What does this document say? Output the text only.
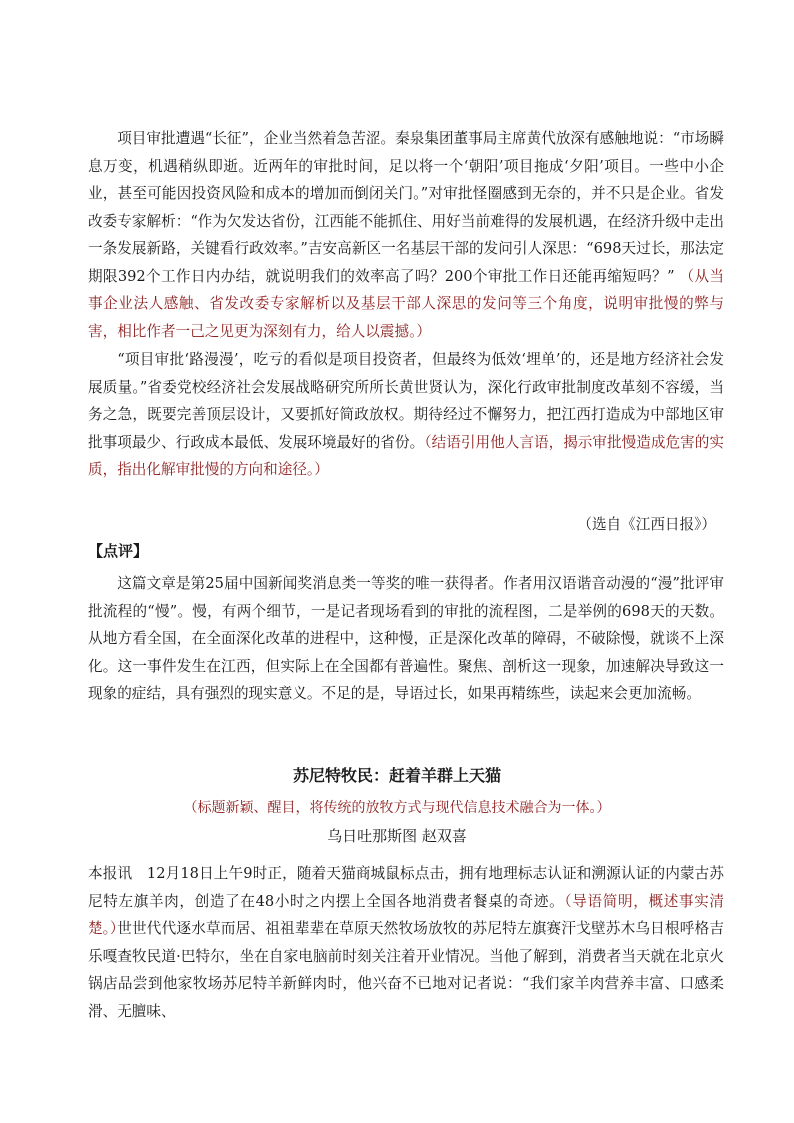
项目审批遭遇“长征”，企业当然着急苦涩。秦泉集团董事局主席黄代放深有感触地说：“市场瞬息万变，机遇稍纵即逝。近两年的审批时间，足以将一个‘朝阳’项目拖成‘夕阳’项目。一些中小企业，甚至可能因投资风险和成本的增加而倒闭关门。”对审批怪圈感到无奈的，并不只是企业。省发改委专家解析：“作为欠发达省份，江西能不能抓住、用好当前难得的发展机遇，在经济升级中走出一条发展新路，关键看行政效率。”吉安高新区一名基层干部的发问引人深思：“698天过长，那法定期限392个工作日内办结，就说明我们的效率高了吗？200个审批工作日还能再缩短吗？” （从当事企业法人感触、省发改委专家解析以及基层干部人深思的发问等三个角度，说明审批慢的弊与害，相比作者一己之见更为深刻有力，给人以震撼。）

“项目审批‘路漫漫’，吃亏的看似是项目投资者，但最终为低效‘埋单’的，还是地方经济社会发展质量。”省委党校经济社会发展战略研究所所长黄世贤认为，深化行政审批制度改革刻不容缓，当务之急，既要完善顶层设计，又要抓好简政放权。期待经过不懈努力，把江西打造成为中部地区审批事项最少、行政成本最低、发展环境最好的省份。（结语引用他人言语，揭示审批慢造成危害的实质，指出化解审批慢的方向和途径。）

（选自《江西日报》）

【点评】

这篇文章是第25届中国新闻奖消息类一等奖的唯一获得者。作者用汉语谐音动漫的“漫”批评审批流程的“慢”。慢，有两个细节，一是记者现场看到的审批的流程图，二是举例的698天的天数。从地方看全国，在全面深化改革的进程中，这种慢，正是深化改革的障碍，不破除慢，就谈不上深化。这一事件发生在江西，但实际上在全国都有普遍性。聚焦、剖析这一现象，加速解决导致这一现象的症结，具有强烈的现实意义。不足的是，导语过长，如果再精练些，读起来会更加流畅。

苏尼特牧民：赶着羊群上天猫

（标题新颖、醒目，将传统的放牧方式与现代信息技术融合为一体。）

乌日吐那斯图 赵双喜

本报讯　12月18日上午9时正，随着天猫商城鼠标点击，拥有地理标志认证和溯源认证的内蒙古苏尼特左旗羊肉，创造了在48小时之内摆上全国各地消费者餐桌的奇迹。（导语简明，概述事实清楚。）

世世代代逐水草而居、祖祖辈辈在草原天然牧场放牧的苏尼特左旗赛汗戈壁苏木乌日根呼格吉乐嘎查牧民道·巴特尔，坐在自家电脑前时刻关注着开业情况。当他了解到，消费者当天就在北京火锅店品尝到他家牧场苏尼特羊新鲜肉时，他兴奋不已地对记者说：“我们家羊肉营养丰富、口感柔滑、无膻味、
